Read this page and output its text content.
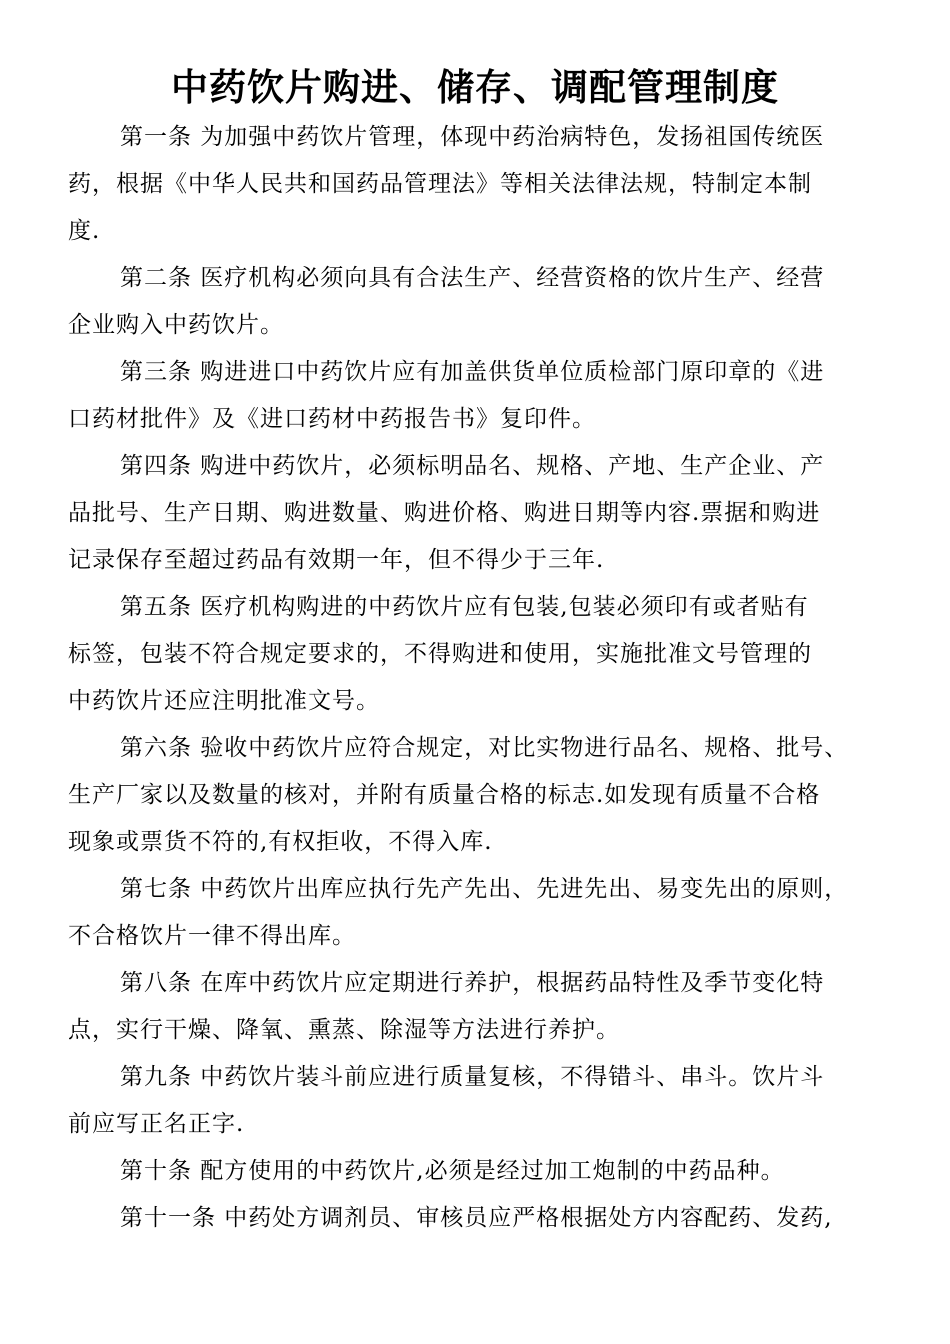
中药饮片购进、储存、调配管理制度

第一条 为加强中药饮片管理，体现中药治病特色，发扬祖国传统医
药，根据《中华人民共和国药品管理法》等相关法律法规，特制定本制
度.

第二条 医疗机构必须向具有合法生产、经营资格的饮片生产、经营
企业购入中药饮片。

第三条 购进进口中药饮片应有加盖供货单位质检部门原印章的《进
口药材批件》及《进口药材中药报告书》复印件。

第四条 购进中药饮片，必须标明品名、规格、产地、生产企业、产
品批号、生产日期、购进数量、购进价格、购进日期等内容.票据和购进
记录保存至超过药品有效期一年，但不得少于三年.

第五条 医疗机构购进的中药饮片应有包装,包装必须印有或者贴有
标签，包装不符合规定要求的，不得购进和使用，实施批准文号管理的
中药饮片还应注明批准文号。

第六条 验收中药饮片应符合规定，对比实物进行品名、规格、批号、
生产厂家以及数量的核对，并附有质量合格的标志.如发现有质量不合格
现象或票货不符的,有权拒收，不得入库.

第七条 中药饮片出库应执行先产先出、先进先出、易变先出的原则，
不合格饮片一律不得出库。

第八条 在库中药饮片应定期进行养护，根据药品特性及季节变化特
点，实行干燥、降氧、熏蒸、除湿等方法进行养护。

第九条 中药饮片装斗前应进行质量复核，不得错斗、串斗。饮片斗
前应写正名正字.

第十条 配方使用的中药饮片,必须是经过加工炮制的中药品种。

第十一条 中药处方调剂员、审核员应严格根据处方内容配药、发药,
